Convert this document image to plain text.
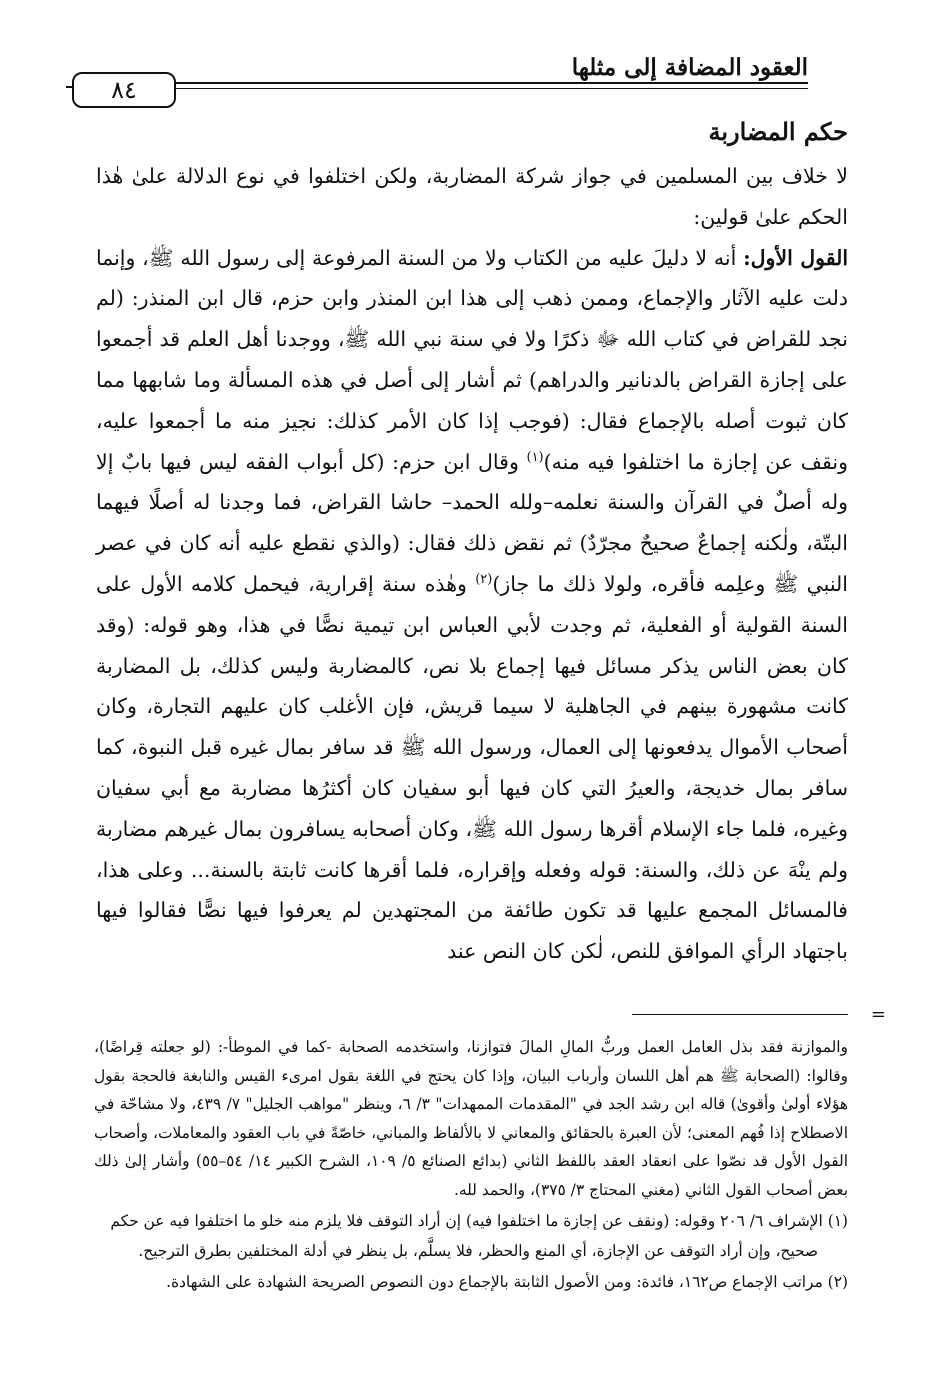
العقود المضافة إلى مثلها
٨٤
حكم المضاربة

لا خلاف بين المسلمين في جواز شركة المضاربة، ولكن اختلفوا في نوع الدلالة علىٰ هٰذا الحكم علىٰ قولين:

القول الأول: أنه لا دليلَ عليه من الكتاب ولا من السنة المرفوعة إلى رسول الله ﷺ، وإنما دلت عليه الآثار والإجماع، وممن ذهب إلى هذا ابن المنذر وابن حزم، قال ابن المنذر: (لم نجد للقراض في كتاب الله ﷻ ذكرًا ولا في سنة نبي الله ﷺ، ووجدنا أهل العلم قد أجمعوا على إجازة القراض بالدنانير والدراهم) ثم أشار إلى أصل في هذه المسألة وما شابهها مما كان ثبوت أصله بالإجماع فقال: (فوجب إذا كان الأمر كذلك: نجيز منه ما أجمعوا عليه، ونقف عن إجازة ما اختلفوا فيه منه)$^{(١)}$ وقال ابن حزم: (كل أبواب الفقه ليس فيها بابٌ إلا وله أصلٌ في القرآن والسنة نعلمه–ولله الحمد– حاشا القراض، فما وجدنا له أصلًا فيهما البتّة، ولٰكنه إجماعٌ صحيحٌ مجرّدٌ) ثم نقض ذلك فقال: (والذي نقطع عليه أنه كان في عصر النبي ﷺ وعلِمه فأقره، ولولا ذلك ما جاز)$^{(٢)}$ وهٰذه سنة إقرارية، فيحمل كلامه الأول على السنة القولية أو الفعلية، ثم وجدت لأبي العباس ابن تيمية نصًّا في هذا، وهو قوله: (وقد كان بعض الناس يذكر مسائل فيها إجماع بلا نص، كالمضاربة وليس كذلك، بل المضاربة كانت مشهورة بينهم في الجاهلية لا سيما قريش، فإن الأغلب كان عليهم التجارة، وكان أصحاب الأموال يدفعونها إلى العمال، ورسول الله ﷺ قد سافر بمال غيره قبل النبوة، كما سافر بمال خديجة، والعيرُ التي كان فيها أبو سفيان كان أكثرُها مضاربة مع أبي سفيان وغيره، فلما جاء الإسلام أقرها رسول الله ﷺ، وكان أصحابه يسافرون بمال غيرهم مضاربة ولم ينْهَ عن ذلك، والسنة: قوله وفعله وإقراره، فلما أقرها كانت ثابتة بالسنة... وعلى هذا، فالمسائل المجمع عليها قد تكون طائفة من المجتهدين لم يعرفوا فيها نصًّا فقالوا فيها باجتهاد الرأي الموافق للنص، لٰكن كان النص عند

=

والموازنة فقد بذل العامل العمل وربُّ المالِ المالَ فتوازنا، واستخدمه الصحابة -كما في الموطأ-: (لو جعلته قِراضًا)، وقالوا: (الصحابة ﷺ هم أهل اللسان وأرباب البيان، وإذا كان يحتج في اللغة بقول امرىء القيس والنابغة فالحجة بقول هؤلاء أولىٰ وأقوىٰ) قاله ابن رشد الجد في "المقدمات الممهدات" ٣/ ٦، وينظر "مواهب الجليل" ٧/ ٤٣٩، ولا مشاحّة في الاصطلاح إذا فُهم المعنى؛ لأن العبرة بالحقائق والمعاني لا بالألفاظ والمباني، خاصّةً في باب العقود والمعاملات، وأصحاب القول الأول قد نصّوا على انعقاد العقد باللفظ الثاني (بدائع الصنائع ٥/ ١٠٩، الشرح الكبير ١٤/ ٥٤–٥٥) وأشار إلىٰ ذلك بعض أصحاب القول الثاني (مغني المحتاج ٣/ ٣٧٥)، والحمد لله.

(١) الإشراف ٦/ ٢٠٦ وقوله: (ونقف عن إجازة ما اختلفوا فيه) إن أراد التوقف فلا يلزم منه خلو ما اختلفوا فيه عن حكم

صحيح، وإن أراد التوقف عن الإجازة، أي المنع والحظر، فلا يسلَّم، بل ينظر في أدلة المختلفين بطرق الترجيح.

(٢) مراتب الإجماع ص١٦٢، فائدة: ومن الأصول الثابتة بالإجماع دون النصوص الصريحة الشهادة على الشهادة.
